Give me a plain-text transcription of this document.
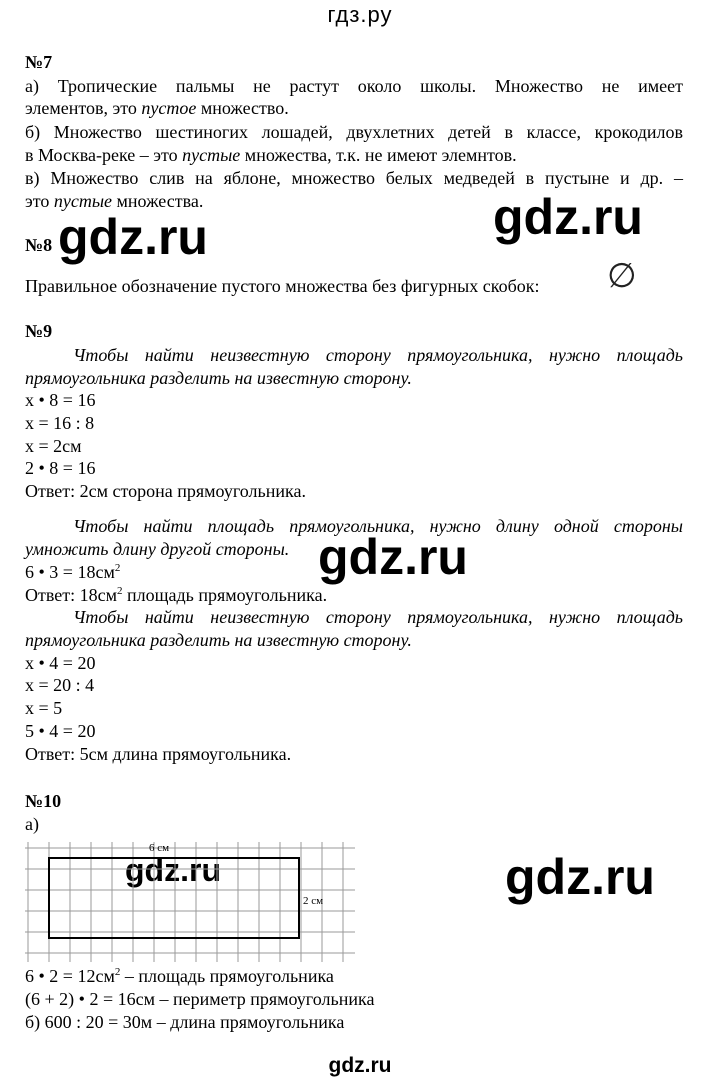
гдз.ру
gdz.ru
№7
а) Тропические пальмы не растут около школы. Множество не имеет
элементов, это пустое множество.
б) Множество шестиногих лошадей, двухлетних детей в классе, крокодилов
в Москва-реке – это пустые множества, т.к. не имеют элемнтов.
в) Множество слив на яблоне, множество белых медведей в пустыне и др. –
это пустые множества.
gdz.ru	gdz.ru
gdz.ru
gdz.ru	gdz.ru
№8
Правильное обозначение пустого множества без фигурных скобок: ∅
№9
Чтобы найти неизвестную сторону прямоугольника, нужно площадь
прямоугольника разделить на известную сторону.
х • 8 = 16
х = 16 : 8
х = 2см
2 • 8 = 16
Ответ: 2см сторона прямоугольника.
Чтобы найти площадь прямоугольника, нужно длину одной стороны
умножить длину другой стороны.
6 • $3 = 18см^2$
Ответ: $18см^2$ площадь прямоугольника.
Чтобы найти неизвестную сторону прямоугольника, нужно площадь
прямоугольника разделить на известную сторону.
х • 4 = 20
х = 20 : 4
х = 5
5 • 4 = 20
Ответ: 5см длина прямоугольника.
№10
а)
6 см
2 см
6 • $2 = 12см^2$ – площадь прямоугольника
(6 + 2) • 2 = 16см – периметр прямоугольника
б) 600 : 20 = 30м – длина прямоугольника
